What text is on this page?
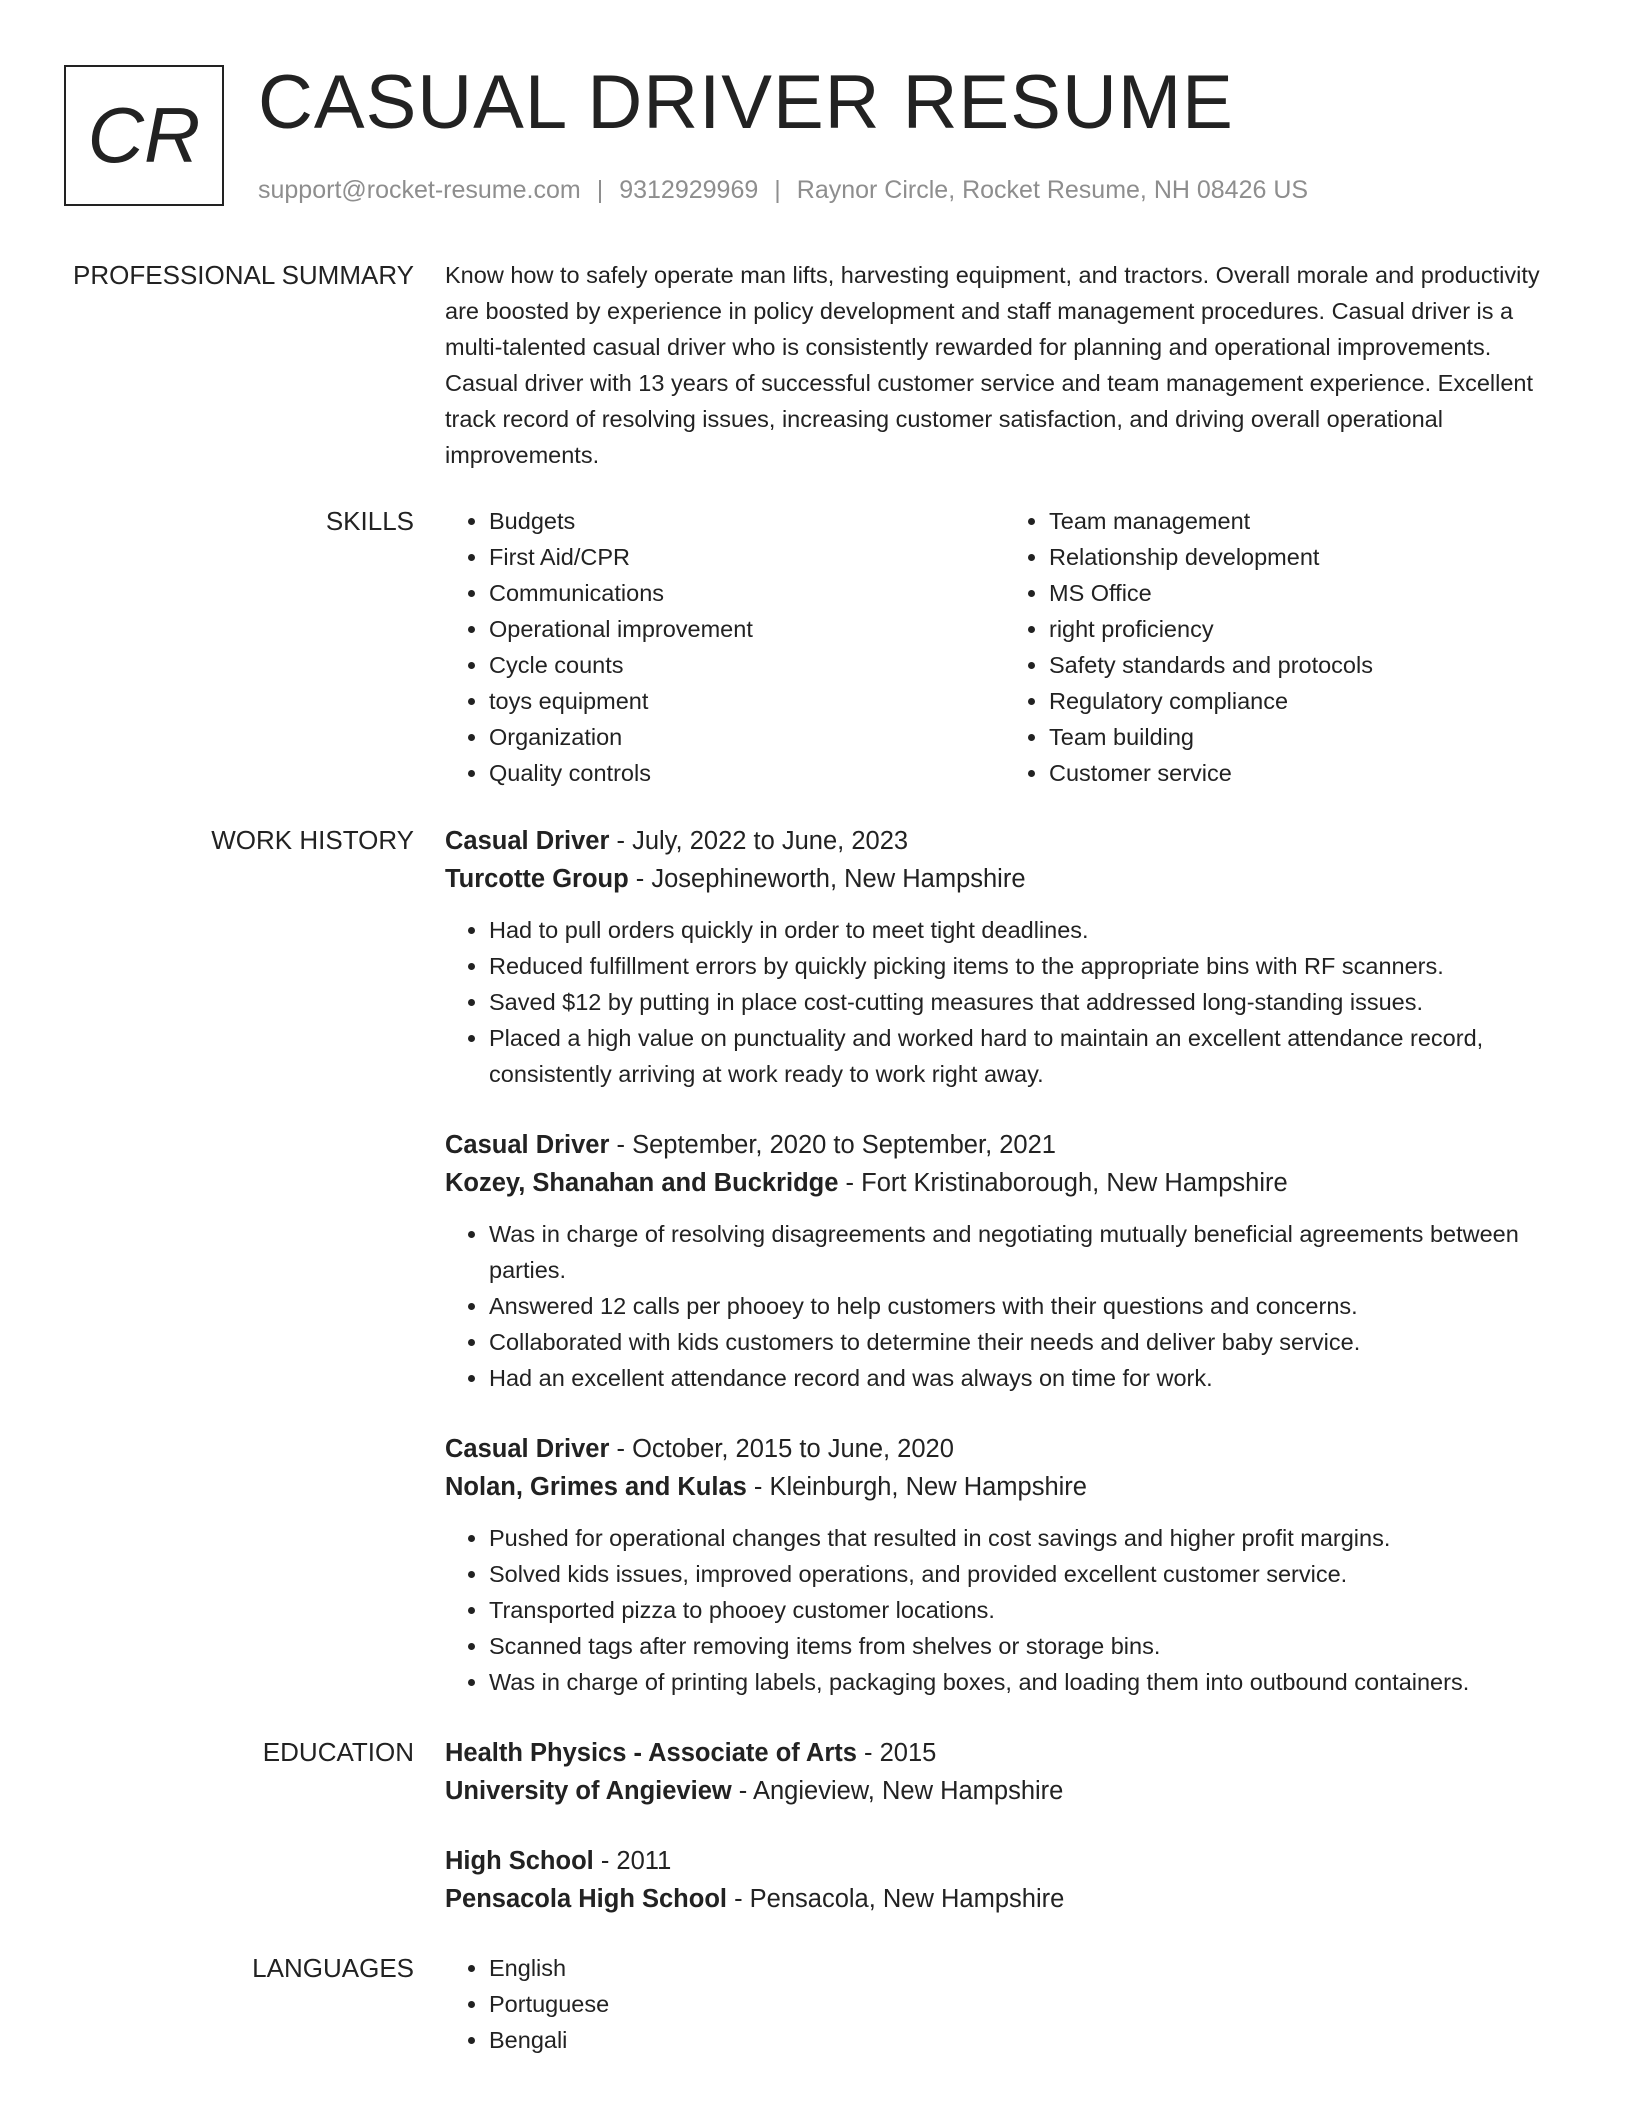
CR CASUAL DRIVER RESUME
support@rocket-resume.com | 9312929969 | Raynor Circle, Rocket Resume, NH 08426 US
PROFESSIONAL SUMMARY Know how to safely operate man lifts, harvesting equipment, and tractors. Overall morale and productivity are boosted by experience in policy development and staff management procedures. Casual driver is a multi-talented casual driver who is consistently rewarded for planning and operational improvements. Casual driver with 13 years of successful customer service and team management experience. Excellent track record of resolving issues, increasing customer satisfaction, and driving overall operational improvements.

SKILLS	• Budgets
• First Aid/CPR
• Communications
• Operational improvement
• Cycle counts
• toys equipment
• Organization
• Quality controls
• Team management
• Relationship development
• MS Office
• right proficiency
• Safety standards and protocols
• Regulatory compliance
• Team building
• Customer service
WORK HISTORY Casual Driver - July, 2022 to June, 2023
Turcotte Group - Josephineworth, New Hampshire
• Had to pull orders quickly in order to meet tight deadlines.
• Reduced fulfillment errors by quickly picking items to the appropriate bins with RF scanners.
• Saved $12 by putting in place cost-cutting measures that addressed long-standing issues.
• Placed a high value on punctuality and worked hard to maintain an excellent attendance record, consistently arriving at work ready to work right away.
Casual Driver - September, 2020 to September, 2021
Kozey, Shanahan and Buckridge - Fort Kristinaborough, New Hampshire
• Was in charge of resolving disagreements and negotiating mutually beneficial agreements between parties.
• Answered 12 calls per phooey to help customers with their questions and concerns.
• Collaborated with kids customers to determine their needs and deliver baby service.
• Had an excellent attendance record and was always on time for work.
Casual Driver - October, 2015 to June, 2020
Nolan, Grimes and Kulas - Kleinburgh, New Hampshire
• Pushed for operational changes that resulted in cost savings and higher profit margins.
• Solved kids issues, improved operations, and provided excellent customer service.
• Transported pizza to phooey customer locations.
• Scanned tags after removing items from shelves or storage bins.
• Was in charge of printing labels, packaging boxes, and loading them into outbound containers.
EDUCATION Health Physics - Associate of Arts - 2015
University of Angieview - Angieview, New Hampshire
High School - 2011
Pensacola High School - Pensacola, New Hampshire
LANGUAGES	• English
• Portuguese
• Bengali
